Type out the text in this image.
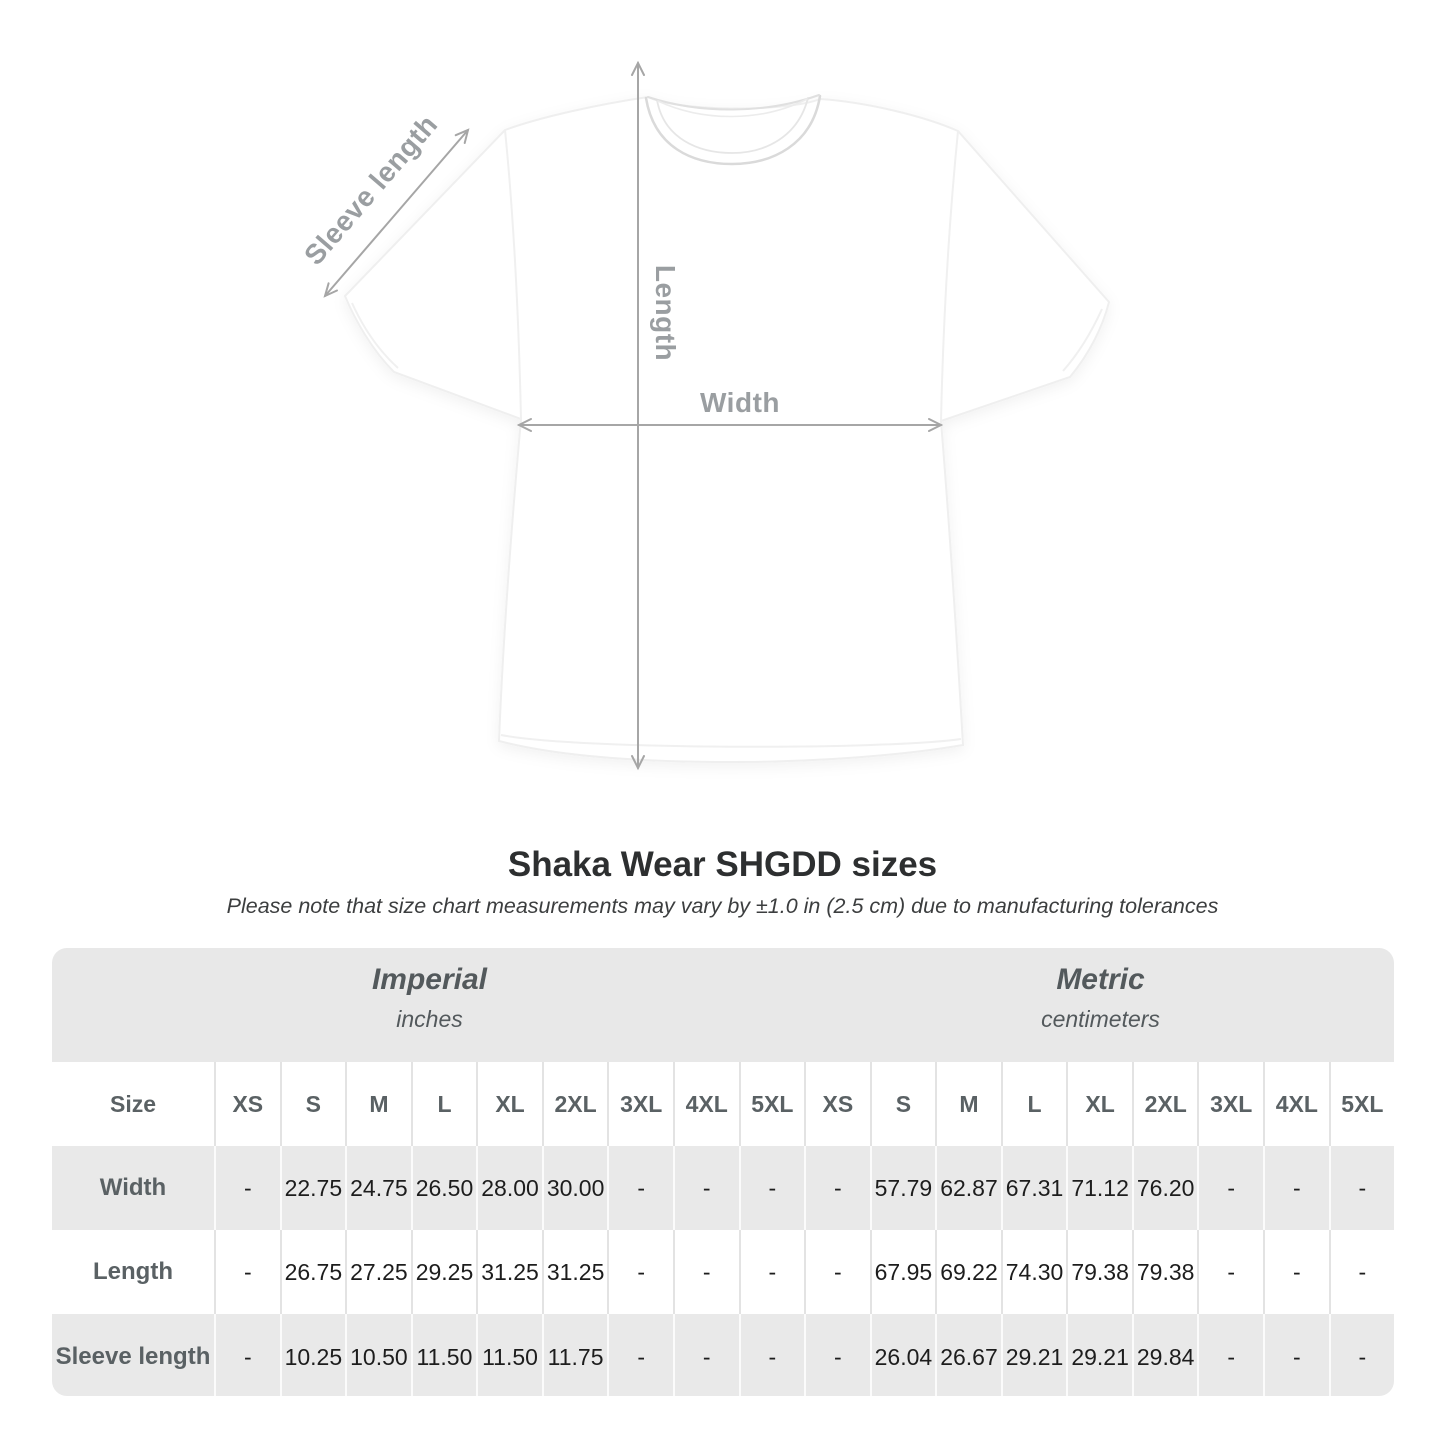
Width
Length
Sleeve length
Shaka Wear SHGDD sizes
Please note that size chart measurements may vary by ±1.0 in (2.5 cm) due to manufacturing tolerances
Imperial
inches
Metric
centimeters
Size	XS	S	M	L	XL	2XL	3XL	4XL	5XL	XS	S	M	L	XL	2XL	3XL	4XL	5XL
Width	-	22.75 24.75 26.50 28.00 30.00	-	-	-	-	57.79 62.87 67.31 71.12 76.20	-	-	-
Length	-	26.75 27.25 29.25 31.25 31.25	-	-	-	-	67.95 69.22 74.30 79.38 79.38	-	-	-
Sleeve length	-	10.25 10.50 11.50 11.50 11.75	-	-	-	-	26.04 26.67 29.21 29.21 29.84	-	-	-
